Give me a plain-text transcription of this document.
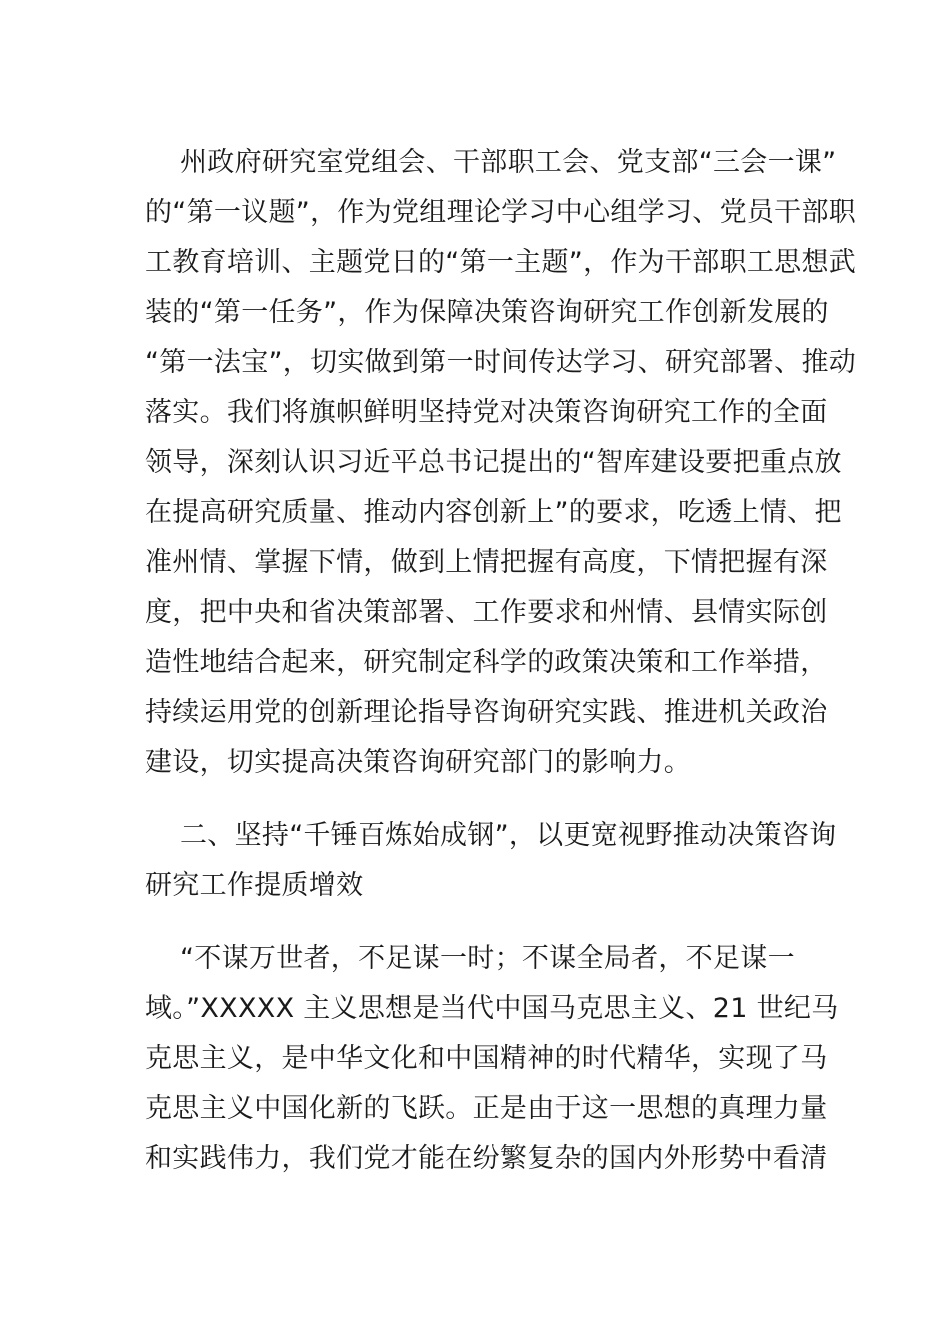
州政府研究室党组会、干部职工会、党支部“三会一课”
的“第一议题”，作为党组理论学习中心组学习、党员干部职
工教育培训、主题党日的“第一主题”，作为干部职工思想武
装的“第一任务”，作为保障决策咨询研究工作创新发展的
“第一法宝”，切实做到第一时间传达学习、研究部署、推动
落实。我们将旗帜鲜明坚持党对决策咨询研究工作的全面
领导，深刻认识习近平总书记提出的“智库建设要把重点放
在提高研究质量、推动内容创新上”的要求，吃透上情、把
准州情、掌握下情，做到上情把握有高度，下情把握有深
度，把中央和省决策部署、工作要求和州情、县情实际创
造性地结合起来，研究制定科学的政策决策和工作举措，
持续运用党的创新理论指导咨询研究实践、推进机关政治
建设，切实提高决策咨询研究部门的影响力。
二、坚持“千锤百炼始成钢”，以更宽视野推动决策咨询
研究工作提质增效
“不谋万世者，不足谋一时；不谋全局者，不足谋一
域。”XXXXX 主义思想是当代中国马克思主义、21 世纪马
克思主义，是中华文化和中国精神的时代精华，实现了马
克思主义中国化新的飞跃。正是由于这一思想的真理力量
和实践伟力，我们党才能在纷繁复杂的国内外形势中看清
